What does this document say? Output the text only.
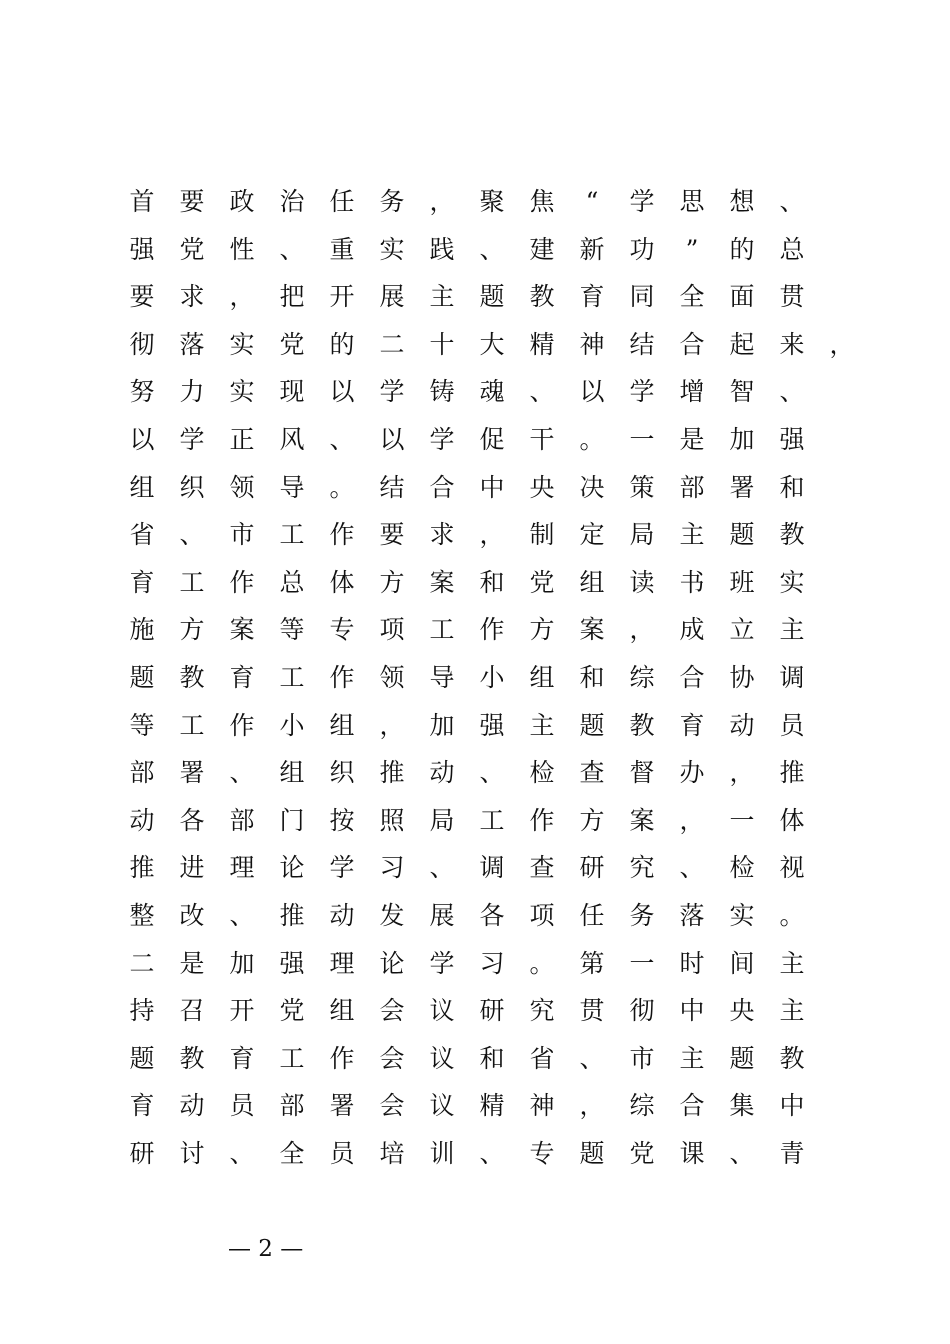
首 要 政 治 任 务 ， 聚 焦	“	学 思 想 、
强 党 性 、 重 实 践 、 建 新 功	”	的 总
要 求 ， 把 开 展 主 题 教 育 同 全 面 贯
彻 落 实 党 的 二 十 大 精 神 结 合 起 来 ，
努 力 实 现 以 学 铸 魂 、 以 学 增 智 、
以 学 正 风 、 以 学 促 干 。 一 是 加 强
组 织 领 导 。 结 合 中 央 决 策 部 署 和
省 、 市 工 作 要 求 ， 制 定 局 主 题 教
育 工 作 总 体 方 案 和 党 组 读 书 班 实
施 方 案 等 专 项 工 作 方 案 ， 成 立 主
题 教 育 工 作 领 导 小 组 和 综 合 协 调
等 工 作 小 组 ， 加 强 主 题 教 育 动 员
部 署 、 组 织 推 动 、 检 查 督 办 ， 推
动 各 部 门 按 照 局 工 作 方 案 ， 一 体
推 进 理 论 学 习 、 调 查 研 究 、 检 视
整 改 、 推 动 发 展 各 项 任 务 落 实 。
二 是 加 强 理 论 学 习 。 第 一 时 间 主
持 召 开 党 组 会 议 研 究 贯 彻 中 央 主
题 教 育 工 作 会 议 和 省 、 市 主 题 教
育 动 员 部 署 会 议 精 神 ， 综 合 集 中
研 讨 、 全 员 培 训 、 专 题 党 课 、 青
— 2 —
